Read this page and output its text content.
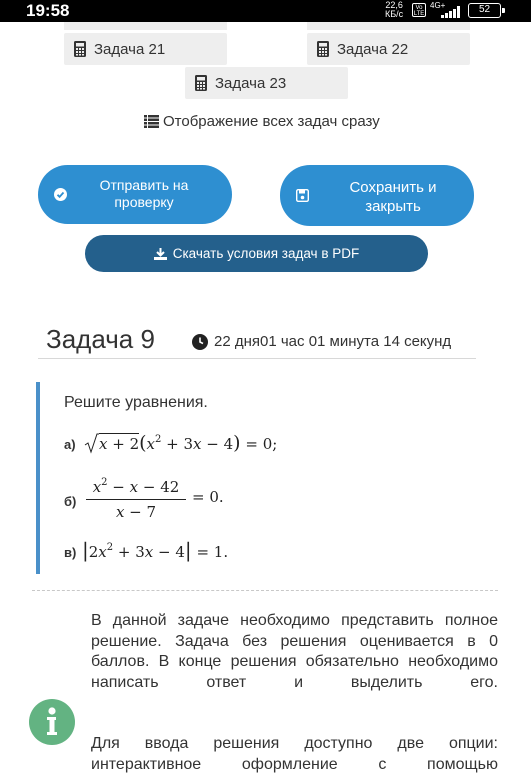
19:58	22,6
КБ/с
Vo LTE
4G+	52
Задача 21	Задача 22
Задача 23
Отображение всех задач сразу
Отправить на
проверку
Сохранить и
закрыть
Скачать условия задач в PDF
Задача 9	22 дня01 час 01 минута 14 секунд
Решите уравнения.
а)	$x + 2(x^2 + 3x - 4) = 0$;
$б) \frac{x^2 - x - 42}{x - 7} = 0$.
в) $|2x^2 + 3x - 4| = 1$.
В данной задаче необходимо представить полное решение. Задача без решения оценивается в 0 баллов. В конце решения обязательно необходимо написать ответ и выделить его.
Для ввода решения доступно две опции: интерактивное оформление с помощью
